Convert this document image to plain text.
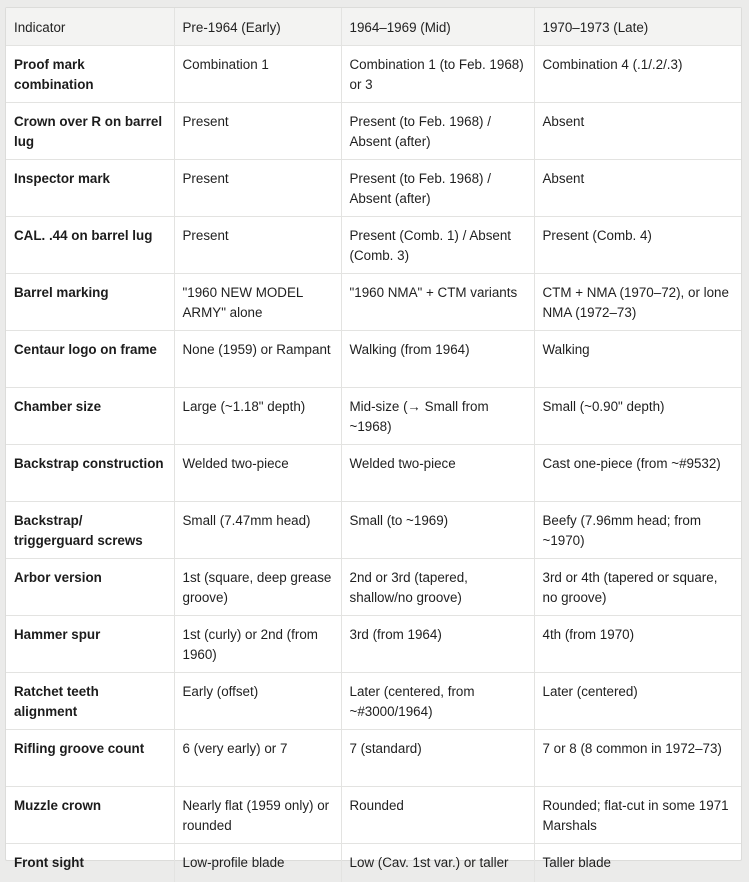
Indicator	Pre-1964 (Early)	1964–1969 (Mid)	1970–1973 (Late)
Proof mark combination	Combination 1	Combination 1 (to Feb. 1968) or 3	Combination 4 (.1/.2/.3)
Crown over R on barrel lug	Present	Present (to Feb. 1968) / Absent (after)	Absent
Inspector mark	Present	Present (to Feb. 1968) / Absent (after)	Absent
CAL. .44 on barrel lug	Present	Present (Comb. 1) / Absent (Comb. 3)	Present (Comb. 4)
Barrel marking	"1960 NEW MODEL ARMY" alone	"1960 NMA" + CTM variants	CTM + NMA (1970–72), or lone NMA (1972–73)
Centaur logo on frame	None (1959) or Rampant	Walking (from 1964)	Walking
Chamber size	Large (~1.18" depth)	Mid-size (→ Small from ~1968)	Small (~0.90" depth)
Backstrap construction	Welded two-piece	Welded two-piece	Cast one-piece (from ~#9532)
Backstrap/ triggerguard screws	Small (7.47mm head)	Small (to ~1969)	Beefy (7.96mm head; from ~1970)
Arbor version	1st (square, deep grease groove)	2nd or 3rd (tapered, shallow/no groove)	3rd or 4th (tapered or square, no groove)
Hammer spur	1st (curly) or 2nd (from 1960)	3rd (from 1964)	4th (from 1970)
Ratchet teeth alignment	Early (offset)	Later (centered, from ~#3000/1964)	Later (centered)
Rifling groove count	6 (very early) or 7	7 (standard)	7 or 8 (8 common in 1972–73)
Muzzle crown	Nearly flat (1959 only) or rounded	Rounded	Rounded; flat-cut in some 1971 Marshals
Front sight	Low-profile blade	Low (Cav. 1st var.) or taller	Taller blade
